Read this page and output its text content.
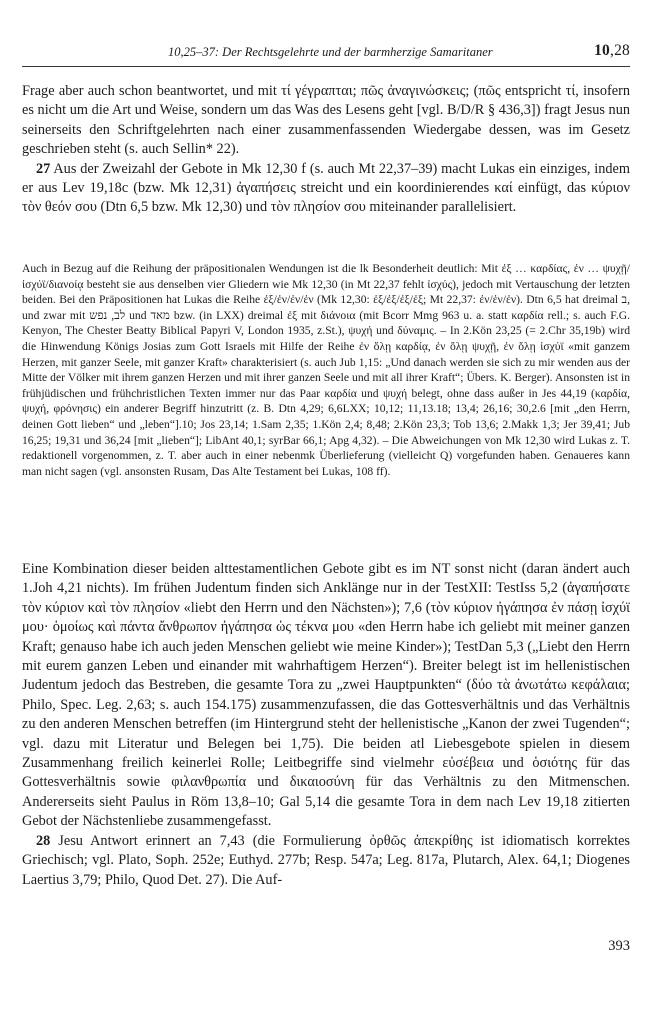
10,25–37: Der Rechtsgelehrte und der barmherzige Samaritaner	10,28

Frage aber auch schon beantwortet, und mit τί γέγραπται; πῶς ἀναγινώσκεις; (πῶς entspricht τί, insofern es nicht um die Art und Weise, sondern um das Was des Lesens geht [vgl. B/D/R § 436,3]) fragt Jesus nun seinerseits den Schriftgelehrten nach einer zusammenfassenden Wiedergabe dessen, was im Gesetz geschrieben steht (s. auch Sellin* 22).

27 Aus der Zweizahl der Gebote in Mk 12,30 f (s. auch Mt 22,37–39) macht Lukas ein einziges, indem er aus Lev 19,18c (bzw. Mk 12,31) ἀγαπήσεις streicht und ein koordinierendes καί einfügt, das κύριον τὸν θεόν σου (Dtn 6,5 bzw. Mk 12,30) und τὸν πλησίον σου miteinander parallelisiert.

Auch in Bezug auf die Reihung der präpositionalen Wendungen ist die lk Besonderheit deutlich: Mit ἐξ … καρδίας, ἐν … ψυχῇ/ἰσχύϊ/διανοίᾳ besteht sie aus denselben vier Gliedern wie Mk 12,30 (in Mt 22,37 fehlt ἰσχύς), jedoch mit Vertauschung der letzten beiden. Bei den Präpositionen hat Lukas die Reihe ἐξ/ἐν/ἐν/ἐν (Mk 12,30: ἐξ/ἐξ/ἐξ/ἐξ; Mt 22,37: ἐν/ἐν/ἐν). Dtn 6,5 hat dreimal ב, und zwar mit לב, נפש und מאד bzw. (in LXX) dreimal ἐξ mit διάνοια (mit Bcorr Mmg 963 u. a. statt καρδία rell.; s. auch F.G. Kenyon, The Chester Beatty Biblical Papyri V, London 1935, z.St.), ψυχή und δύναμις. – In 2.Kön 23,25 (= 2.Chr 35,19b) wird die Hinwendung Königs Josias zum Gott Israels mit Hilfe der Reihe ἐν ὅλῃ καρδίᾳ, ἐν ὅλῃ ψυχῇ, ἐν ὅλῃ ἰσχύϊ «mit ganzem Herzen, mit ganzer Seele, mit ganzer Kraft» charakterisiert (s. auch Jub 1,15: „Und danach werden sie sich zu mir wenden aus der Mitte der Völker mit ihrem ganzen Herzen und mit ihrer ganzen Seele und mit all ihrer Kraft“; Übers. K. Berger). Ansonsten ist in frühjüdischen und frühchristlichen Texten immer nur das Paar καρδία und ψυχή belegt, ohne dass außer in Jes 44,19 (καρδία, ψυχή, φρόνησις) ein anderer Begriff hinzutritt (z. B. Dtn 4,29; 6,6LXX; 10,12; 11,13.18; 13,4; 26,16; 30,2.6 [mit „den Herrn, deinen Gott lieben“ und „leben“].10; Jos 23,14; 1.Sam 2,35; 1.Kön 2,4; 8,48; 2.Kön 23,3; Tob 13,6; 2.Makk 1,3; Jer 39,41; Jub 16,25; 19,31 und 36,24 [mit „lieben“]; LibAnt 40,1; syrBar 66,1; Apg 4,32). – Die Abweichungen von Mk 12,30 wird Lukas z. T. redaktionell vorgenommen, z. T. aber auch in einer nebenmk Überlieferung (vielleicht Q) vorgefunden haben. Genaueres kann man nicht sagen (vgl. ansonsten Rusam, Das Alte Testament bei Lukas, 108 ff).

Eine Kombination dieser beiden alttestamentlichen Gebote gibt es im NT sonst nicht (daran ändert auch 1.Joh 4,21 nichts). Im frühen Judentum finden sich Anklänge nur in der TestXII: TestIss 5,2 (ἀγαπήσατε τὸν κύριον καὶ τὸν πλησίον «liebt den Herrn und den Nächsten»); 7,6 (τὸν κύριον ἠγάπησα ἐν πάσῃ ἰσχύϊ μου· ὁμοίως καὶ πάντα ἄνθρωπον ἠγάπησα ὡς τέκνα μου «den Herrn habe ich geliebt mit meiner ganzen Kraft; genauso habe ich auch jeden Menschen geliebt wie meine Kinder»); TestDan 5,3 („Liebt den Herrn mit eurem ganzen Leben und einander mit wahrhaftigem Herzen“). Breiter belegt ist im hellenistischen Judentum jedoch das Bestreben, die gesamte Tora zu „zwei Hauptpunkten“ (δύο τὰ ἀνωτάτω κεφάλαια; Philo, Spec. Leg. 2,63; s. auch 154.175) zusammenzufassen, die das Gottesverhältnis und das Verhältnis zu den anderen Menschen betreffen (im Hintergrund steht der hellenistische „Kanon der zwei Tugenden“; vgl. dazu mit Literatur und Belegen bei 1,75). Die beiden atl Liebesgebote spielen in diesem Zusammenhang freilich keinerlei Rolle; Leitbegriffe sind vielmehr εὐσέβεια und ὁσιότης für das Gottesverhältnis sowie φιλανθρωπία und δικαιοσύνη für das Verhältnis zu den Mitmenschen. Andererseits sieht Paulus in Röm 13,8–10; Gal 5,14 die gesamte Tora in dem nach Lev 19,18 zitierten Gebot der Nächstenliebe zusammengefasst.

28 Jesu Antwort erinnert an 7,43 (die Formulierung ὀρθῶς ἀπεκρίθης ist idiomatisch korrektes Griechisch; vgl. Plato, Soph. 252e; Euthyd. 277b; Resp. 547a; Leg. 817a, Plutarch, Alex. 64,1; Diogenes Laertius 3,79; Philo, Quod Det. 27). Die Auf-

393
